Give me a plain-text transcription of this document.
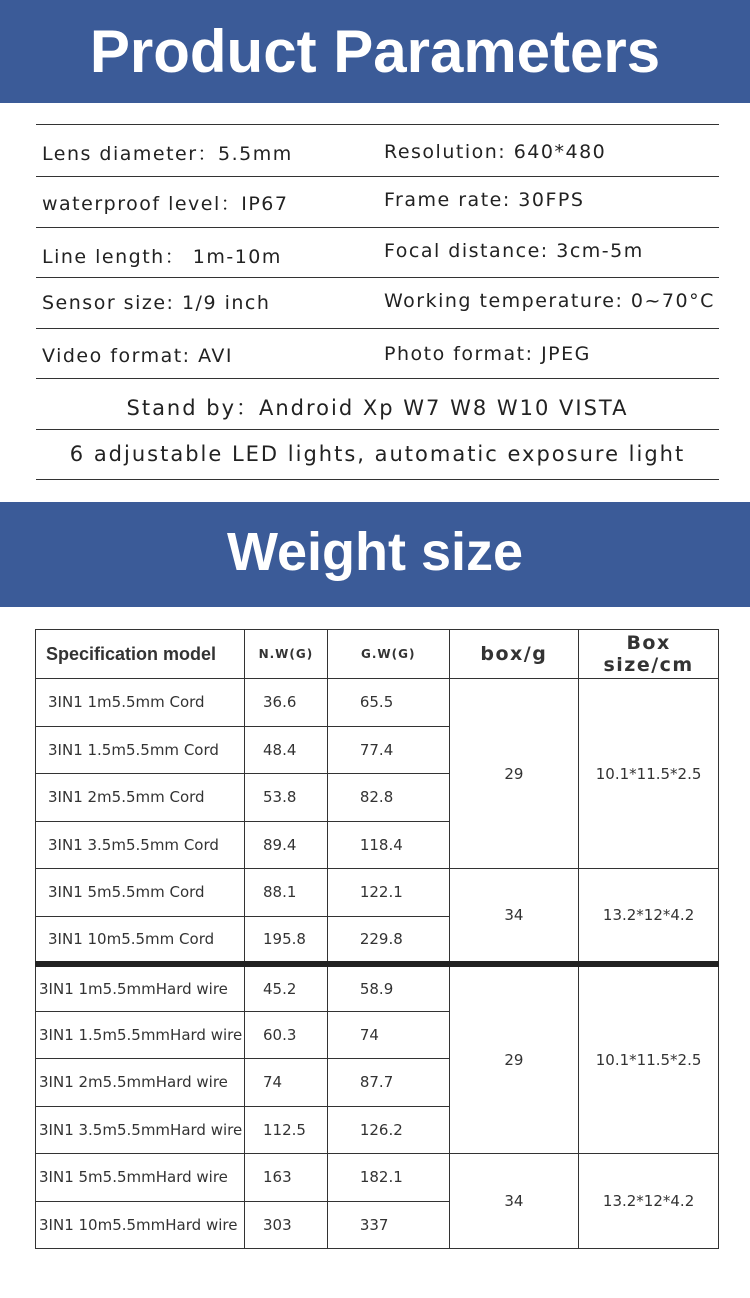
Product Parameters
Lens diameter：5.5mm	Resolution: 640*480
waterproof level：IP67	Frame rate: 30FPS
Line length： 1m-10m	Focal distance: 3cm-5m
Sensor size: 1/9 inch	Working temperature: 0~70°C
Video format: AVI	Photo format: JPEG
Stand by：Android Xp W7 W8 W10 VISTA
6 adjustable LED lights, automatic exposure light
Weight size
Specification model	N.W(G)	G.W(G)	box/g	Box size/cm
3IN1 1m5.5mm Cord	36.6	65.5	29	10.1*11.5*2.5
3IN1 1.5m5.5mm Cord	48.4	77.4		
3IN1 2m5.5mm Cord	53.8	82.8		
3IN1 3.5m5.5mm Cord	89.4	118.4		
3IN1 5m5.5mm Cord	88.1	122.1	34	13.2*12*4.2
3IN1 10m5.5mm Cord	195.8	229.8		
3IN1 1m5.5mmHard wire	45.2	58.9	29	10.1*11.5*2.5
3IN1 1.5m5.5mmHard wire	60.3	74		
3IN1 2m5.5mmHard wire	74	87.7		
3IN1 3.5m5.5mmHard wire	112.5	126.2		
3IN1 5m5.5mmHard wire	163	182.1	34	13.2*12*4.2
3IN1 10m5.5mmHard wire	303	337		
